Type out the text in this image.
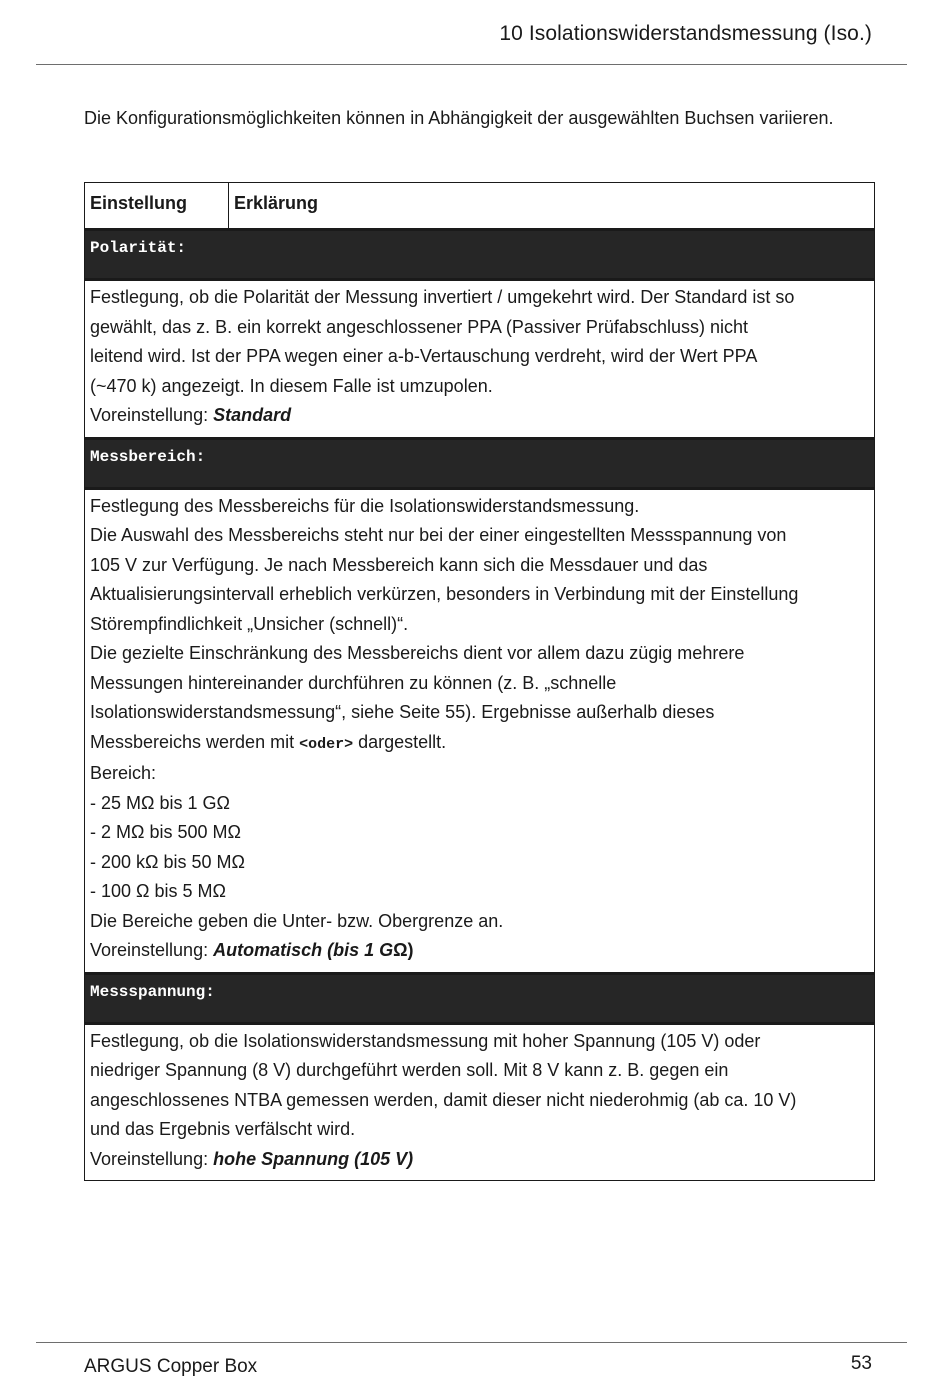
10 Isolationswiderstandsmessung (Iso.)

Die Konfigurationsmöglichkeiten können in Abhängigkeit der ausgewählten Buchsen variieren.

Einstellung	Erklärung
Polarität:

Festlegung, ob die Polarität der Messung invertiert / umgekehrt wird. Der Standard ist so
gewählt, das z. B. ein korrekt angeschlossener PPA (Passiver Prüfabschluss) nicht
leitend wird. Ist der PPA wegen einer a-b-Vertauschung verdreht, wird der Wert PPA
(~470 k) angezeigt. In diesem Falle ist umzupolen.
Voreinstellung: Standard

Messbereich:

Festlegung des Messbereichs für die Isolationswiderstandsmessung.
Die Auswahl des Messbereichs steht nur bei der einer eingestellten Messspannung von
105 V zur Verfügung. Je nach Messbereich kann sich die Messdauer und das
Aktualisierungsintervall erheblich verkürzen, besonders in Verbindung mit der Einstellung
Störempfindlichkeit „Unsicher (schnell)“.
Die gezielte Einschränkung des Messbereichs dient vor allem dazu zügig mehrere
Messungen hintereinander durchführen zu können (z. B. „schnelle
Isolationswiderstandsmessung“, siehe Seite 55). Ergebnisse außerhalb dieses
Messbereichs werden mit <oder> dargestellt.
Bereich:
- 25 MΩ bis 1 GΩ
- 2 MΩ bis 500 MΩ
- 200 kΩ bis 50 MΩ
- 100 Ω bis 5 MΩ
Die Bereiche geben die Unter- bzw. Obergrenze an.
Voreinstellung: Automatisch (bis 1 GΩ)

Messspannung:

Festlegung, ob die Isolationswiderstandsmessung mit hoher Spannung (105 V) oder
niedriger Spannung (8 V) durchgeführt werden soll. Mit 8 V kann z. B. gegen ein
angeschlossenes NTBA gemessen werden, damit dieser nicht niederohmig (ab ca. 10 V)
und das Ergebnis verfälscht wird.
Voreinstellung: hohe Spannung (105 V)
ARGUS Copper Box	53
